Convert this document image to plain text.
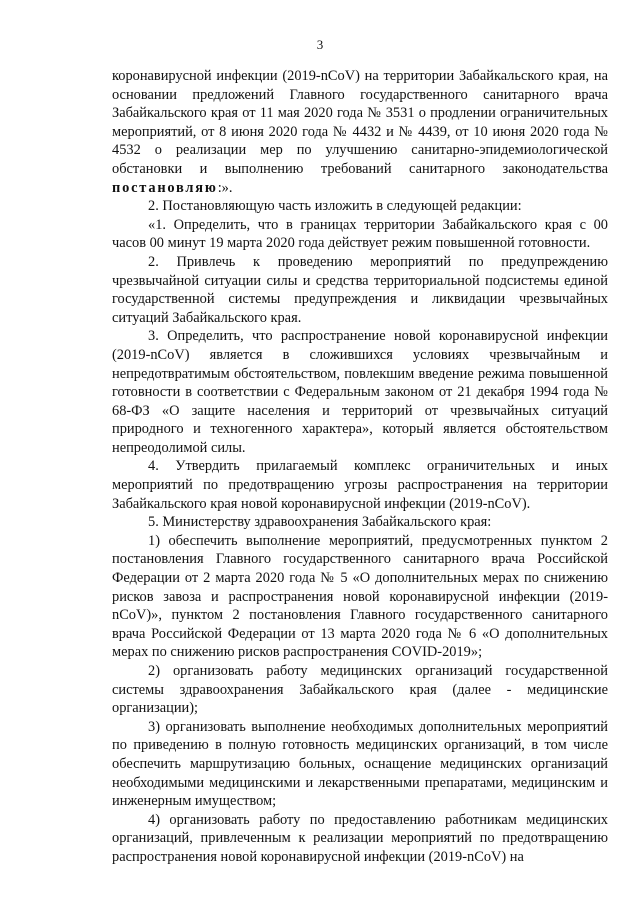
3

коронавирусной инфекции (2019-nCoV) на территории Забайкальского края, на основании предложений Главного государственного санитарного врача Забайкальского края от 11 мая 2020 года № 3531 о продлении ограничительных мероприятий, от 8 июня 2020 года № 4432 и № 4439, от 10 июня 2020 года № 4532 о реализации мер по улучшению санитарно-эпидемиологической обстановки и выполнению требований санитарного законодательства постановляю:».

2. Постановляющую часть изложить в следующей редакции:

«1. Определить, что в границах территории Забайкальского края с 00 часов 00 минут 19 марта 2020 года действует режим повышенной готовности.

2. Привлечь к проведению мероприятий по предупреждению чрезвычайной ситуации силы и средства территориальной подсистемы единой государственной системы предупреждения и ликвидации чрезвычайных ситуаций Забайкальского края.

3. Определить, что распространение новой коронавирусной инфекции (2019-nCoV) является в сложившихся условиях чрезвычайным и непредотвратимым обстоятельством, повлекшим введение режима повышенной готовности в соответствии с Федеральным законом от 21 декабря 1994 года № 68-ФЗ «О защите населения и территорий от чрезвычайных ситуаций природного и техногенного характера», который является обстоятельством непреодолимой силы.

4. Утвердить прилагаемый комплекс ограничительных и иных мероприятий по предотвращению угрозы распространения на территории Забайкальского края новой коронавирусной инфекции (2019-nCoV).

5. Министерству здравоохранения Забайкальского края:

1) обеспечить выполнение мероприятий, предусмотренных пунктом 2 постановления Главного государственного санитарного врача Российской Федерации от 2 марта 2020 года № 5 «О дополнительных мерах по снижению рисков завоза и распространения новой коронавирусной инфекции (2019-nCoV)», пунктом 2 постановления Главного государственного санитарного врача Российской Федерации от 13 марта 2020 года № 6 «О дополнительных мерах по снижению рисков распространения COVID-2019»;

2) организовать работу медицинских организаций государственной системы здравоохранения Забайкальского края (далее - медицинские организации);

3) организовать выполнение необходимых дополнительных мероприятий по приведению в полную готовность медицинских организаций, в том числе обеспечить маршрутизацию больных, оснащение медицинских организаций необходимыми медицинскими и лекарственными препаратами, медицинским и инженерным имуществом;

4) организовать работу по предоставлению работникам медицинских организаций, привлеченным к реализации мероприятий по предотвращению распространения новой коронавирусной инфекции (2019-nCoV) на
